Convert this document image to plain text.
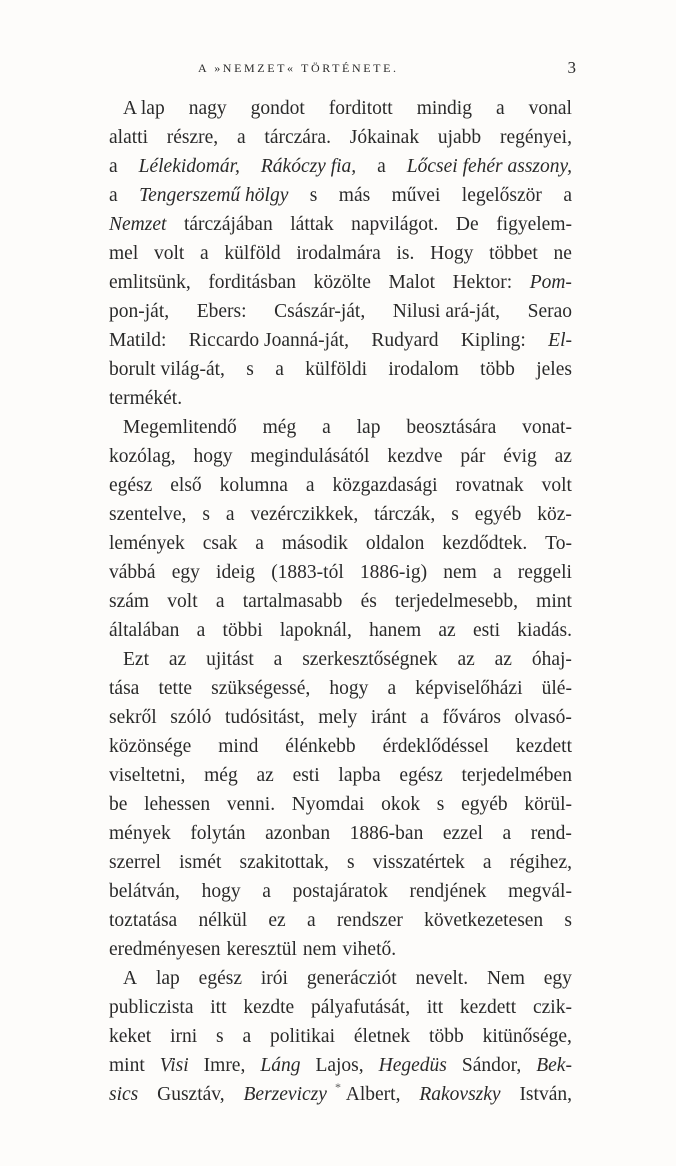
A »NEMZET« TÖRTÉNETE.	3
A lap nagy gondot forditott mindig a vonal
alatti részre, a tárczára. Jókainak ujabb regényei,
a Lélekidomár, Rákóczy fia, a Lőcsei fehér asszony,
a Tengerszemű hölgy s más művei legelőször a
Nemzet tárczájában láttak napvilágot. De figyelem-
mel volt a külföld irodalmára is. Hogy többet ne
emlitsünk, forditásban közölte Malot Hektor: Pom-
pon-ját, Ebers: Császár-ját, Nilusi ará-ját, Serao
Matild: Riccardo Joanná-ját, Rudyard Kipling: El-
borult világ-át, s a külföldi irodalom több jeles
termékét.
Megemlitendő még a lap beosztására vonat-
kozólag, hogy megindulásától kezdve pár évig az
egész első kolumna a közgazdasági rovatnak volt
szentelve, s a vezérczikkek, tárczák, s egyéb köz-
lemények csak a második oldalon kezdődtek. To-
vábbá egy ideig (1883-tól 1886-ig) nem a reggeli
szám volt a tartalmasabb és terjedelmesebb, mint
általában a többi lapoknál, hanem az esti kiadás.
Ezt az ujitást a szerkesztőségnek az az óhaj-
tása tette szükségessé, hogy a képviselőházi ülé-
sekről szóló tudósitást, mely iránt a főváros olvasó-
közönsége mind élénkebb érdeklődéssel kezdett
viseltetni, még az esti lapba egész terjedelmében
be lehessen venni. Nyomdai okok s egyéb körül-
mények folytán azonban 1886-ban ezzel a rend-
szerrel ismét szakitottak, s visszatértek a régihez,
belátván, hogy a postajáratok rendjének megvál-
toztatása nélkül ez a rendszer következetesen s
eredményesen keresztül nem vihető.
A lap egész irói generácziót nevelt. Nem egy
publiczista itt kezdte pályafutását, itt kezdett czik-
keket irni s a politikai életnek több kitünősége,
mint Visi Imre, Láng Lajos, Hegedüs Sándor, Bek-
sics Gusztáv, Berzeviczy Albert, Rakovszky István,
*
